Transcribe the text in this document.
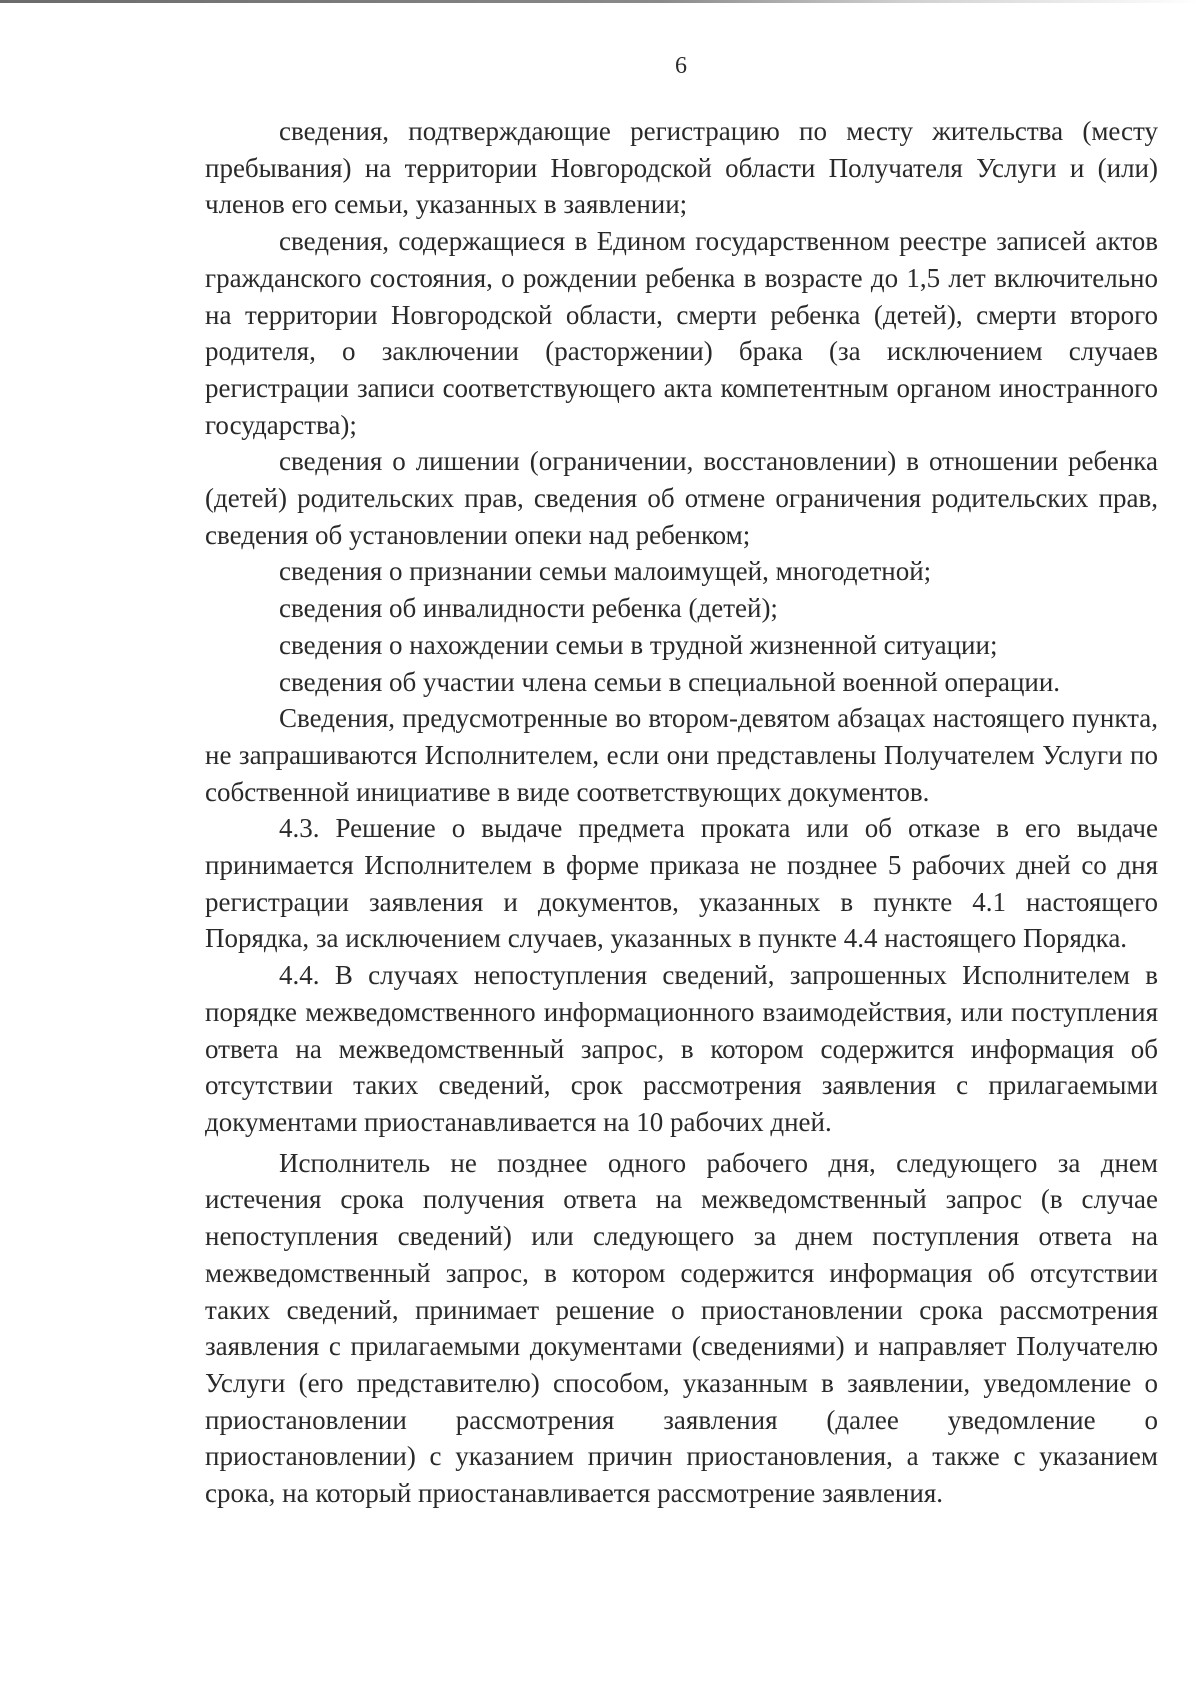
6

сведения, подтверждающие регистрацию по месту жительства (месту пребывания) на территории Новгородской области Получателя Услуги и (или) членов его семьи, указанных в заявлении;

сведения, содержащиеся в Едином государственном реестре записей актов гражданского состояния, о рождении ребенка в возрасте до 1,5 лет включительно на территории Новгородской области, смерти ребенка (детей), смерти второго родителя, о заключении (расторжении) брака (за исключением случаев регистрации записи соответствующего акта компетентным органом иностранного государства);

сведения о лишении (ограничении, восстановлении) в отношении ребенка (детей) родительских прав, сведения об отмене ограничения родительских прав, сведения об установлении опеки над ребенком;

сведения о признании семьи малоимущей, многодетной;

сведения об инвалидности ребенка (детей);

сведения о нахождении семьи в трудной жизненной ситуации;

сведения об участии члена семьи в специальной военной операции.

Сведения, предусмотренные во втором-девятом абзацах настоящего пункта, не запрашиваются Исполнителем, если они представлены Получателем Услуги по собственной инициативе в виде соответствующих документов.

4.3. Решение о выдаче предмета проката или об отказе в его выдаче принимается Исполнителем в форме приказа не позднее 5 рабочих дней со дня регистрации заявления и документов, указанных в пункте 4.1 настоящего Порядка, за исключением случаев, указанных в пункте 4.4 настоящего Порядка.

4.4. В случаях непоступления сведений, запрошенных Исполнителем в порядке межведомственного информационного взаимодействия, или поступления ответа на межведомственный запрос, в котором содержится информация об отсутствии таких сведений, срок рассмотрения заявления с прилагаемыми документами приостанавливается на 10 рабочих дней.

Исполнитель не позднее одного рабочего дня, следующего за днем истечения срока получения ответа на межведомственный запрос (в случае непоступления сведений) или следующего за днем поступления ответа на межведомственный запрос, в котором содержится информация об отсутствии таких сведений, принимает решение о приостановлении срока рассмотрения заявления с прилагаемыми документами (сведениями) и направляет Получателю Услуги (его представителю) способом, указанным в заявлении, уведомление о приостановлении рассмотрения заявления (далее уведомление о приостановлении) с указанием причин приостановления, а также с указанием срока, на который приостанавливается рассмотрение заявления.
